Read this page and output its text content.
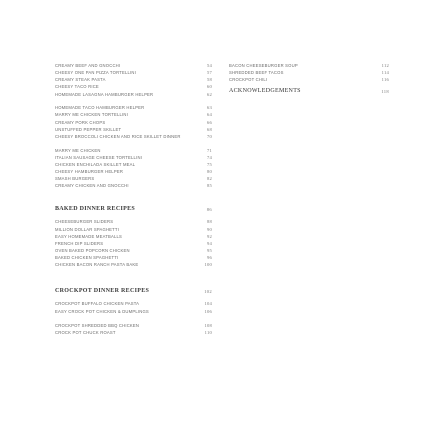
CREAMY BEEF AND GNOCCHI	54
CHEESY ONE PAN PIZZA TORTELLINI	57
CREAMY STEAK PASTA	58
CHEESY TACO RICE	60
HOMEMADE LASAGNA HAMBURGER HELPER	62
HOMEMADE TACO HAMBURGER HELPER	63
MARRY ME CHICKEN TORTELLINI	64
CREAMY PORK CHOPS	66
UNSTUFFED PEPPER SKILLET	68
CHEESY BROCCOLI CHICKEN AND RICE SKILLET DINNER	70
MARRY ME CHICKEN	71
ITALIAN SAUSAGE CHEESE TORTELLINI	74
CHICKEN ENCHILADA SKILLET MEAL	75
CHEESY HAMBURGER HELPER	80
SMASH BURGERS	82
CREAMY CHICKEN AND GNOCCHI	85
BAKED DINNER RECIPES	86
CHEESEBURGER SLIDERS	88
MILLION DOLLAR SPAGHETTI	90
EASY HOMEMADE MEATBALLS	92
FRENCH DIP SLIDERS	94
OVEN BAKED POPCORN CHICKEN	95
BAKED CHICKEN SPAGHETTI	96
CHICKEN BACON RANCH PASTA BAKE	100
CROCKPOT DINNER RECIPES	102
CROCKPOT BUFFALO CHICKEN PASTA	104
EASY CROCK POT CHICKEN & DUMPLINGS	106
CROCKPOT SHREDDED BBQ CHICKEN	108
CROCK POT CHUCK ROAST	110
BACON CHEESEBURGER SOUP	112
SHREDDED BEEF TACOS	114
CROCKPOT CHILI	116
ACKNOWLEDGEMENTS	118
